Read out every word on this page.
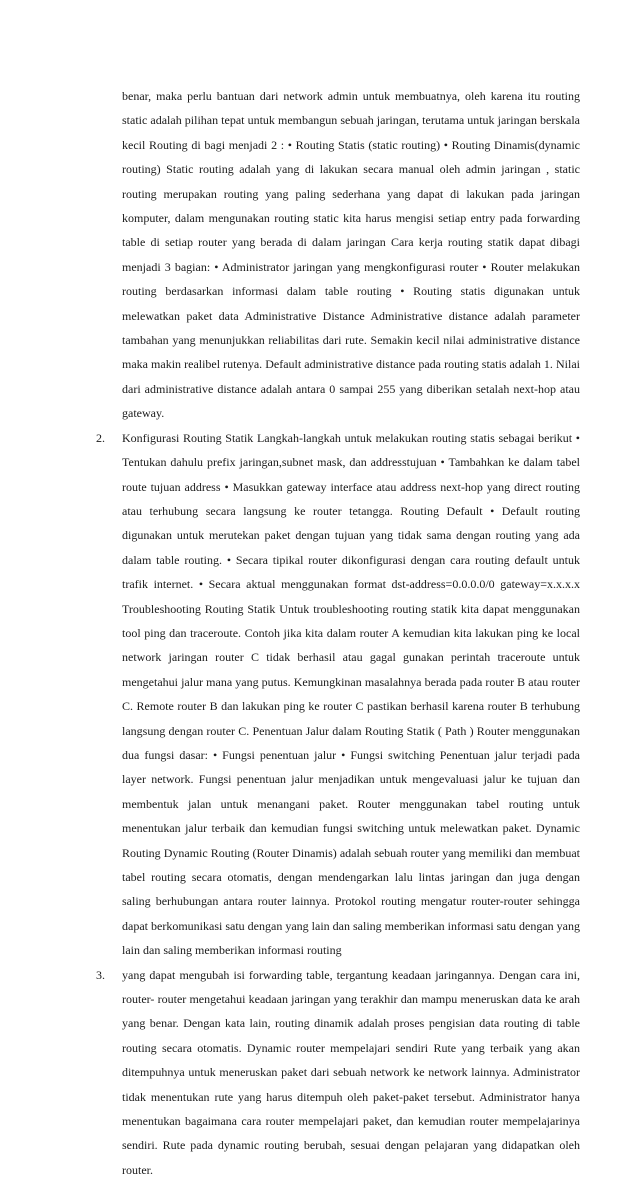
benar, maka perlu bantuan dari network admin untuk membuatnya, oleh karena itu routing static adalah pilihan tepat untuk membangun sebuah jaringan, terutama untuk jaringan berskala kecil Routing di bagi menjadi 2 : • Routing Statis (static routing) • Routing Dinamis(dynamic routing) Static routing adalah yang di lakukan secara manual oleh admin jaringan , static routing merupakan routing yang paling sederhana yang dapat di lakukan pada jaringan komputer, dalam mengunakan routing static kita harus mengisi setiap entry pada forwarding table di setiap router yang berada di dalam jaringan Cara kerja routing statik dapat dibagi menjadi 3 bagian: • Administrator jaringan yang mengkonfigurasi router • Router melakukan routing berdasarkan informasi dalam table routing • Routing statis digunakan untuk melewatkan paket data Administrative Distance Administrative distance adalah parameter tambahan yang menunjukkan reliabilitas dari rute. Semakin kecil nilai administrative distance maka makin realibel rutenya. Default administrative distance pada routing statis adalah 1. Nilai dari administrative distance adalah antara 0 sampai 255 yang diberikan setalah next-hop atau gateway.

2.	Konfigurasi Routing Statik Langkah-langkah untuk melakukan routing statis sebagai berikut • Tentukan dahulu prefix jaringan,subnet mask, dan addresstujuan • Tambahkan ke dalam tabel route tujuan address • Masukkan gateway interface atau address next-hop yang direct routing atau terhubung secara langsung ke router tetangga. Routing Default • Default routing digunakan untuk merutekan paket dengan tujuan yang tidak sama dengan routing yang ada dalam table routing. • Secara tipikal router dikonfigurasi dengan cara routing default untuk trafik internet. • Secara aktual menggunakan format dst-address=0.0.0.0/0 gateway=x.x.x.x Troubleshooting Routing Statik Untuk troubleshooting routing statik kita dapat menggunakan tool ping dan traceroute. Contoh jika kita dalam router A kemudian kita lakukan ping ke local network jaringan router C tidak berhasil atau gagal gunakan perintah traceroute untuk mengetahui jalur mana yang putus. Kemungkinan masalahnya berada pada router B atau router C. Remote router B dan lakukan ping ke router C pastikan berhasil karena router B terhubung langsung dengan router C. Penentuan Jalur dalam Routing Statik ( Path ) Router menggunakan dua fungsi dasar: • Fungsi penentuan jalur • Fungsi switching Penentuan jalur terjadi pada layer network. Fungsi penentuan jalur menjadikan untuk mengevaluasi jalur ke tujuan dan membentuk jalan untuk menangani paket. Router menggunakan tabel routing untuk menentukan jalur terbaik dan kemudian fungsi switching untuk melewatkan paket. Dynamic Routing Dynamic Routing (Router Dinamis) adalah sebuah router yang memiliki dan membuat tabel routing secara otomatis, dengan mendengarkan lalu lintas jaringan dan juga dengan saling berhubungan antara router lainnya. Protokol routing mengatur router-router sehingga dapat berkomunikasi satu dengan yang lain dan saling memberikan informasi satu dengan yang lain dan saling memberikan informasi routing
3.	yang dapat mengubah isi forwarding table, tergantung keadaan jaringannya. Dengan cara ini, router- router mengetahui keadaan jaringan yang terakhir dan mampu meneruskan data ke arah yang benar. Dengan kata lain, routing dinamik adalah proses pengisian data routing di table routing secara otomatis. Dynamic router mempelajari sendiri Rute yang terbaik yang akan ditempuhnya untuk meneruskan paket dari sebuah network ke network lainnya. Administrator tidak menentukan rute yang harus ditempuh oleh paket-paket tersebut. Administrator hanya menentukan bagaimana cara router mempelajari paket, dan kemudian router mempelajarinya sendiri. Rute pada dynamic routing berubah, sesuai dengan pelajaran yang didapatkan oleh router.
